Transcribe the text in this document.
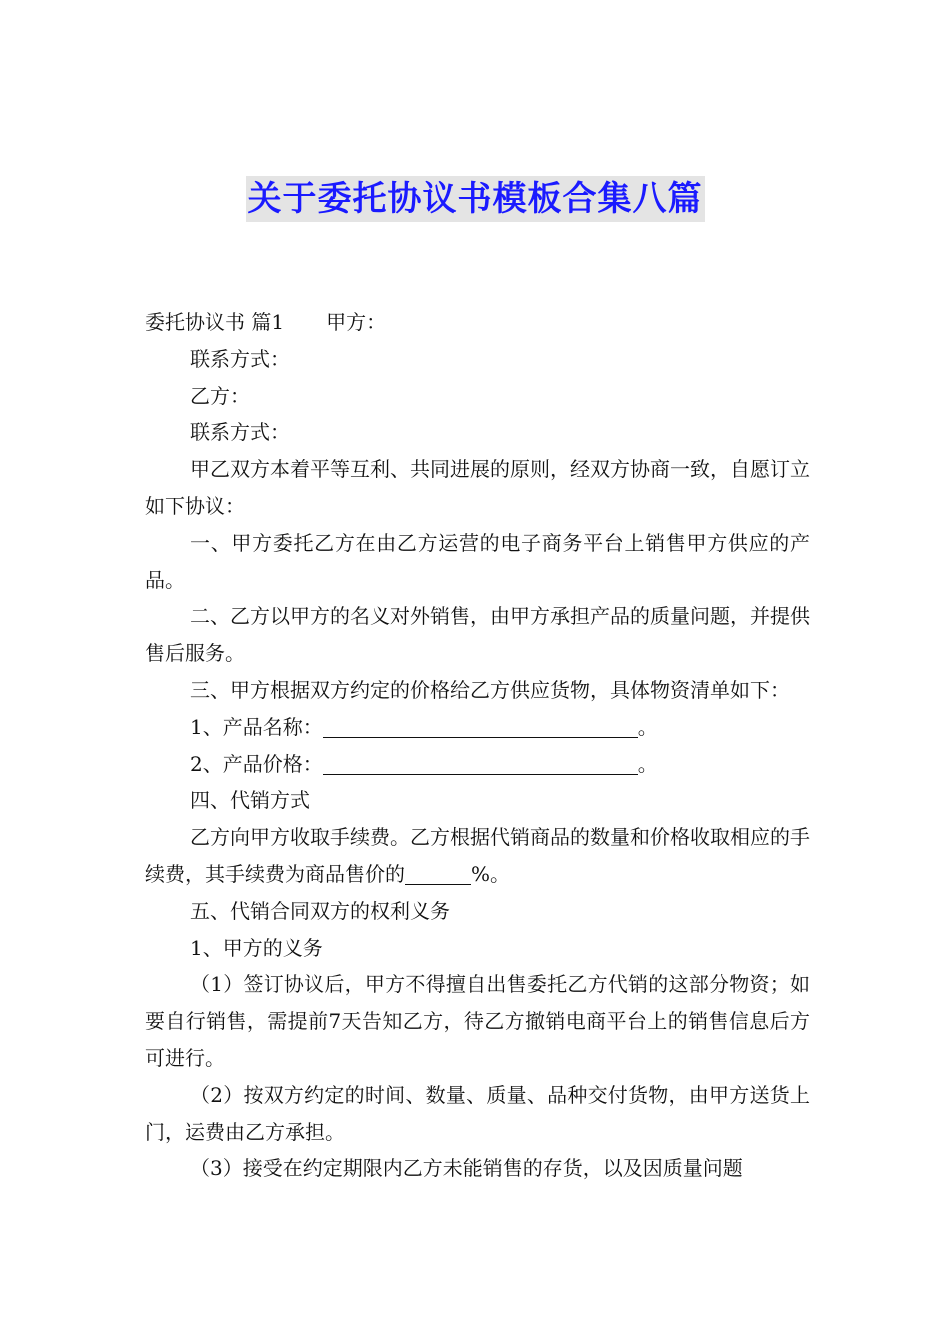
关于委托协议书模板合集八篇

委托协议书 篇1 甲方：

联系方式：

乙方：

联系方式：

甲乙双方本着平等互利、共同进展的原则，经双方协商一致，自愿订立如下协议：

一、甲方委托乙方在由乙方运营的电子商务平台上销售甲方供应的产品。

二、乙方以甲方的名义对外销售，由甲方承担产品的质量问题，并提供售后服务。

三、甲方根据双方约定的价格给乙方供应货物，具体物资清单如下：

1、产品名称：	。

2、产品价格：	。

四、代销方式

乙方向甲方收取手续费。乙方根据代销商品的数量和价格收取相应的手续费，其手续费为商品售价的	%。

五、代销合同双方的权利义务

1、甲方的义务

（1）签订协议后，甲方不得擅自出售委托乙方代销的这部分物资；如要自行销售，需提前7天告知乙方，待乙方撤销电商平台上的销售信息后方可进行。

（2）按双方约定的时间、数量、质量、品种交付货物，由甲方送货上门，运费由乙方承担。

（3）接受在约定期限内乙方未能销售的存货，以及因质量问题
